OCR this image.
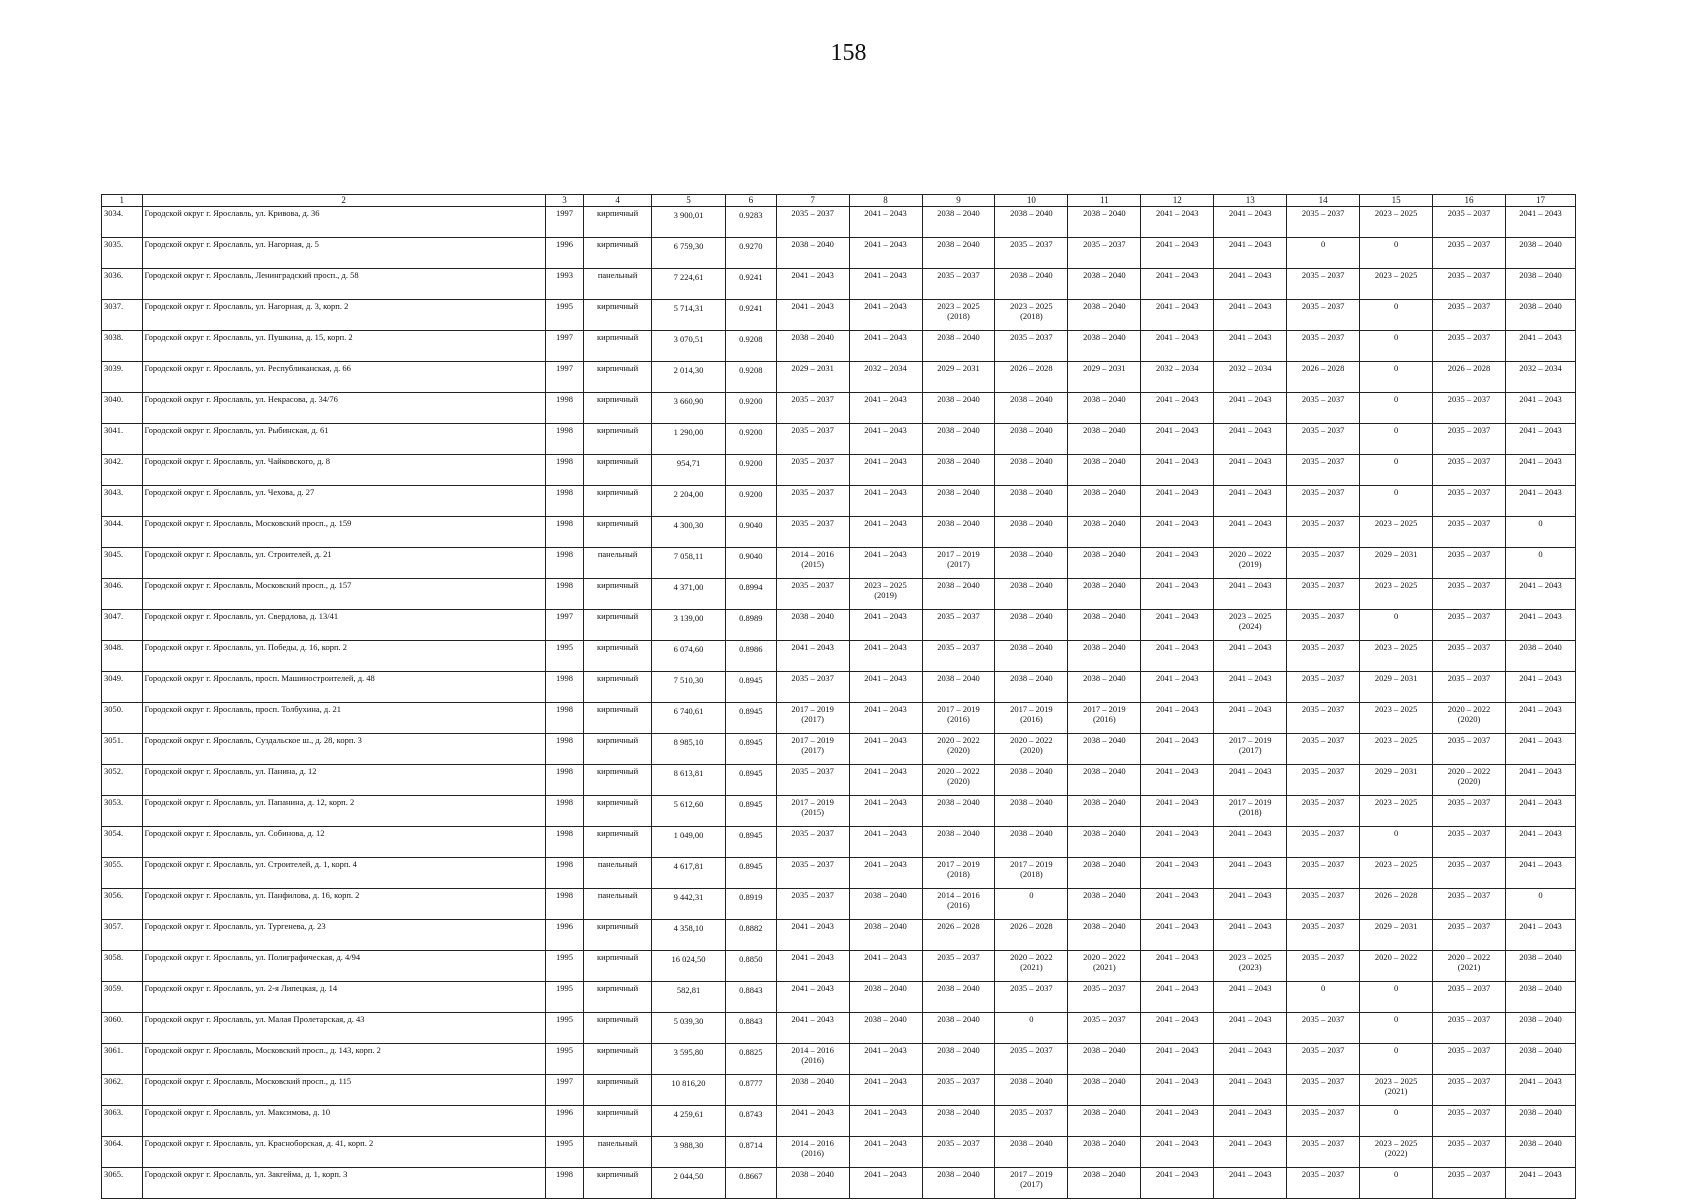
158
1	2	3	4	5	6	7	8	9	10	11	12	13	14	15	16	17
3034.	Городской округ г. Ярославль, ул. Кривова, д. 36	1997	кирпичный	3 900,01	0.9283	2035 – 2037	2041 – 2043	2038 – 2040	2038 – 2040	2038 – 2040	2041 – 2043	2041 – 2043	2035 – 2037	2023 – 2025	2035 – 2037	2041 – 2043
3035.	Городской округ г. Ярославль, ул. Нагорная, д. 5	1996	кирпичный	6 759,30	0.9270	2038 – 2040	2041 – 2043	2038 – 2040	2035 – 2037	2035 – 2037	2041 – 2043	2041 – 2043	0	0	2035 – 2037	2038 – 2040
3036.	Городской округ г. Ярославль, Ленинградский просп., д. 58	1993	панельный	7 224,61	0.9241	2041 – 2043	2041 – 2043	2035 – 2037	2038 – 2040	2038 – 2040	2041 – 2043	2041 – 2043	2035 – 2037	2023 – 2025	2035 – 2037	2038 – 2040
3037.	Городской округ г. Ярославль, ул. Нагорная, д. 3, корп. 2	1995	кирпичный	5 714,31	0.9241	2041 – 2043	2041 – 2043	2023 – 2025
(2018)	2023 – 2025
(2018)	2038 – 2040	2041 – 2043	2041 – 2043	2035 – 2037	0	2035 – 2037	2038 – 2040
3038.	Городской округ г. Ярославль, ул. Пушкина, д. 15, корп. 2	1997	кирпичный	3 070,51	0.9208	2038 – 2040	2041 – 2043	2038 – 2040	2035 – 2037	2038 – 2040	2041 – 2043	2041 – 2043	2035 – 2037	0	2035 – 2037	2041 – 2043
3039.	Городской округ г. Ярославль, ул. Республиканская, д. 66	1997	кирпичный	2 014,30	0.9208	2029 – 2031	2032 – 2034	2029 – 2031	2026 – 2028	2029 – 2031	2032 – 2034	2032 – 2034	2026 – 2028	0	2026 – 2028	2032 – 2034
3040.	Городской округ г. Ярославль, ул. Некрасова, д. 34/76	1998	кирпичный	3 660,90	0.9200	2035 – 2037	2041 – 2043	2038 – 2040	2038 – 2040	2038 – 2040	2041 – 2043	2041 – 2043	2035 – 2037	0	2035 – 2037	2041 – 2043
3041.	Городской округ г. Ярославль, ул. Рыбинская, д. 61	1998	кирпичный	1 290,00	0.9200	2035 – 2037	2041 – 2043	2038 – 2040	2038 – 2040	2038 – 2040	2041 – 2043	2041 – 2043	2035 – 2037	0	2035 – 2037	2041 – 2043
3042.	Городской округ г. Ярославль, ул. Чайковского, д. 8	1998	кирпичный	954,71	0.9200	2035 – 2037	2041 – 2043	2038 – 2040	2038 – 2040	2038 – 2040	2041 – 2043	2041 – 2043	2035 – 2037	0	2035 – 2037	2041 – 2043
3043.	Городской округ г. Ярославль, ул. Чехова, д. 27	1998	кирпичный	2 204,00	0.9200	2035 – 2037	2041 – 2043	2038 – 2040	2038 – 2040	2038 – 2040	2041 – 2043	2041 – 2043	2035 – 2037	0	2035 – 2037	2041 – 2043
3044.	Городской округ г. Ярославль, Московский просп., д. 159	1998	кирпичный	4 300,30	0.9040	2035 – 2037	2041 – 2043	2038 – 2040	2038 – 2040	2038 – 2040	2041 – 2043	2041 – 2043	2035 – 2037	2023 – 2025	2035 – 2037	0
3045.	Городской округ г. Ярославль, ул. Строителей, д. 21	1998	панельный	7 058,11	0.9040	2014 – 2016
(2015)	2041 – 2043	2017 – 2019
(2017)	2038 – 2040	2038 – 2040	2041 – 2043	2020 – 2022
(2019)	2035 – 2037	2029 – 2031	2035 – 2037	0
3046.	Городской округ г. Ярославль, Московский просп., д. 157	1998	кирпичный	4 371,00	0.8994	2035 – 2037	2023 – 2025
(2019)	2038 – 2040	2038 – 2040	2038 – 2040	2041 – 2043	2041 – 2043	2035 – 2037	2023 – 2025	2035 – 2037	2041 – 2043
3047.	Городской округ г. Ярославль, ул. Свердлова, д. 13/41	1997	кирпичный	3 139,00	0.8989	2038 – 2040	2041 – 2043	2035 – 2037	2038 – 2040	2038 – 2040	2041 – 2043	2023 – 2025
(2024)	2035 – 2037	0	2035 – 2037	2041 – 2043
3048.	Городской округ г. Ярославль, ул. Победы, д. 16, корп. 2	1995	кирпичный	6 074,60	0.8986	2041 – 2043	2041 – 2043	2035 – 2037	2038 – 2040	2038 – 2040	2041 – 2043	2041 – 2043	2035 – 2037	2023 – 2025	2035 – 2037	2038 – 2040
3049.	Городской округ г. Ярославль, просп. Машиностроителей, д. 48	1998	кирпичный	7 510,30	0.8945	2035 – 2037	2041 – 2043	2038 – 2040	2038 – 2040	2038 – 2040	2041 – 2043	2041 – 2043	2035 – 2037	2029 – 2031	2035 – 2037	2041 – 2043
3050.	Городской округ г. Ярославль, просп. Толбухина, д. 21	1998	кирпичный	6 740,61	0.8945	2017 – 2019
(2017)	2041 – 2043	2017 – 2019
(2016)	2017 – 2019
(2016)	2017 – 2019
(2016)	2041 – 2043	2041 – 2043	2035 – 2037	2023 – 2025	2020 – 2022
(2020)	2041 – 2043
3051.	Городской округ г. Ярославль, Суздальское ш., д. 28, корп. 3	1998	кирпичный	8 985,10	0.8945	2017 – 2019
(2017)	2041 – 2043	2020 – 2022
(2020)	2020 – 2022
(2020)	2038 – 2040	2041 – 2043	2017 – 2019
(2017)	2035 – 2037	2023 – 2025	2035 – 2037	2041 – 2043
3052.	Городской округ г. Ярославль, ул. Панина, д. 12	1998	кирпичный	8 613,81	0.8945	2035 – 2037	2041 – 2043	2020 – 2022
(2020)	2038 – 2040	2038 – 2040	2041 – 2043	2041 – 2043	2035 – 2037	2029 – 2031	2020 – 2022
(2020)	2041 – 2043
3053.	Городской округ г. Ярославль, ул. Папанина, д. 12, корп. 2	1998	кирпичный	5 612,60	0.8945	2017 – 2019
(2015)	2041 – 2043	2038 – 2040	2038 – 2040	2038 – 2040	2041 – 2043	2017 – 2019
(2018)	2035 – 2037	2023 – 2025	2035 – 2037	2041 – 2043
3054.	Городской округ г. Ярославль, ул. Собинова, д. 12	1998	кирпичный	1 049,00	0.8945	2035 – 2037	2041 – 2043	2038 – 2040	2038 – 2040	2038 – 2040	2041 – 2043	2041 – 2043	2035 – 2037	0	2035 – 2037	2041 – 2043
3055.	Городской округ г. Ярославль, ул. Строителей, д. 1, корп. 4	1998	панельный	4 617,81	0.8945	2035 – 2037	2041 – 2043	2017 – 2019
(2018)	2017 – 2019
(2018)	2038 – 2040	2041 – 2043	2041 – 2043	2035 – 2037	2023 – 2025	2035 – 2037	2041 – 2043
3056.	Городской округ г. Ярославль, ул. Панфилова, д. 16, корп. 2	1998	панельный	9 442,31	0.8919	2035 – 2037	2038 – 2040	2014 – 2016
(2016)	0	2038 – 2040	2041 – 2043	2041 – 2043	2035 – 2037	2026 – 2028	2035 – 2037	0
3057.	Городской округ г. Ярославль, ул. Тургенева, д. 23	1996	кирпичный	4 358,10	0.8882	2041 – 2043	2038 – 2040	2026 – 2028	2026 – 2028	2038 – 2040	2041 – 2043	2041 – 2043	2035 – 2037	2029 – 2031	2035 – 2037	2041 – 2043
3058.	Городской округ г. Ярославль, ул. Полиграфическая, д. 4/94	1995	кирпичный	16 024,50	0.8850	2041 – 2043	2041 – 2043	2035 – 2037	2020 – 2022
(2021)	2020 – 2022
(2021)	2041 – 2043	2023 – 2025
(2023)	2035 – 2037	2020 – 2022	2020 – 2022
(2021)	2038 – 2040
3059.	Городской округ г. Ярославль, ул. 2-я Липецкая, д. 14	1995	кирпичный	582,81	0.8843	2041 – 2043	2038 – 2040	2038 – 2040	2035 – 2037	2035 – 2037	2041 – 2043	2041 – 2043	0	0	2035 – 2037	2038 – 2040
3060.	Городской округ г. Ярославль, ул. Малая Пролетарская, д. 43	1995	кирпичный	5 039,30	0.8843	2041 – 2043	2038 – 2040	2038 – 2040	0	2035 – 2037	2041 – 2043	2041 – 2043	2035 – 2037	0	2035 – 2037	2038 – 2040
3061.	Городской округ г. Ярославль, Московский просп., д. 143, корп. 2	1995	кирпичный	3 595,80	0.8825	2014 – 2016
(2016)	2041 – 2043	2038 – 2040	2035 – 2037	2038 – 2040	2041 – 2043	2041 – 2043	2035 – 2037	0	2035 – 2037	2038 – 2040
3062.	Городской округ г. Ярославль, Московский просп., д. 115	1997	кирпичный	10 816,20	0.8777	2038 – 2040	2041 – 2043	2035 – 2037	2038 – 2040	2038 – 2040	2041 – 2043	2041 – 2043	2035 – 2037	2023 – 2025
(2021)	2035 – 2037	2041 – 2043
3063.	Городской округ г. Ярославль, ул. Максимова, д. 10	1996	кирпичный	4 259,61	0.8743	2041 – 2043	2041 – 2043	2038 – 2040	2035 – 2037	2038 – 2040	2041 – 2043	2041 – 2043	2035 – 2037	0	2035 – 2037	2038 – 2040
3064.	Городской округ г. Ярославль, ул. Красноборская, д. 41, корп. 2	1995	панельный	3 988,30	0.8714	2014 – 2016
(2016)	2041 – 2043	2035 – 2037	2038 – 2040	2038 – 2040	2041 – 2043	2041 – 2043	2035 – 2037	2023 – 2025
(2022)	2035 – 2037	2038 – 2040
3065.	Городской округ г. Ярославль, ул. Закгейма, д. 1, корп. 3	1998	кирпичный	2 044,50	0.8667	2038 – 2040	2041 – 2043	2038 – 2040	2017 – 2019
(2017)	2038 – 2040	2041 – 2043	2041 – 2043	2035 – 2037	0	2035 – 2037	2041 – 2043
